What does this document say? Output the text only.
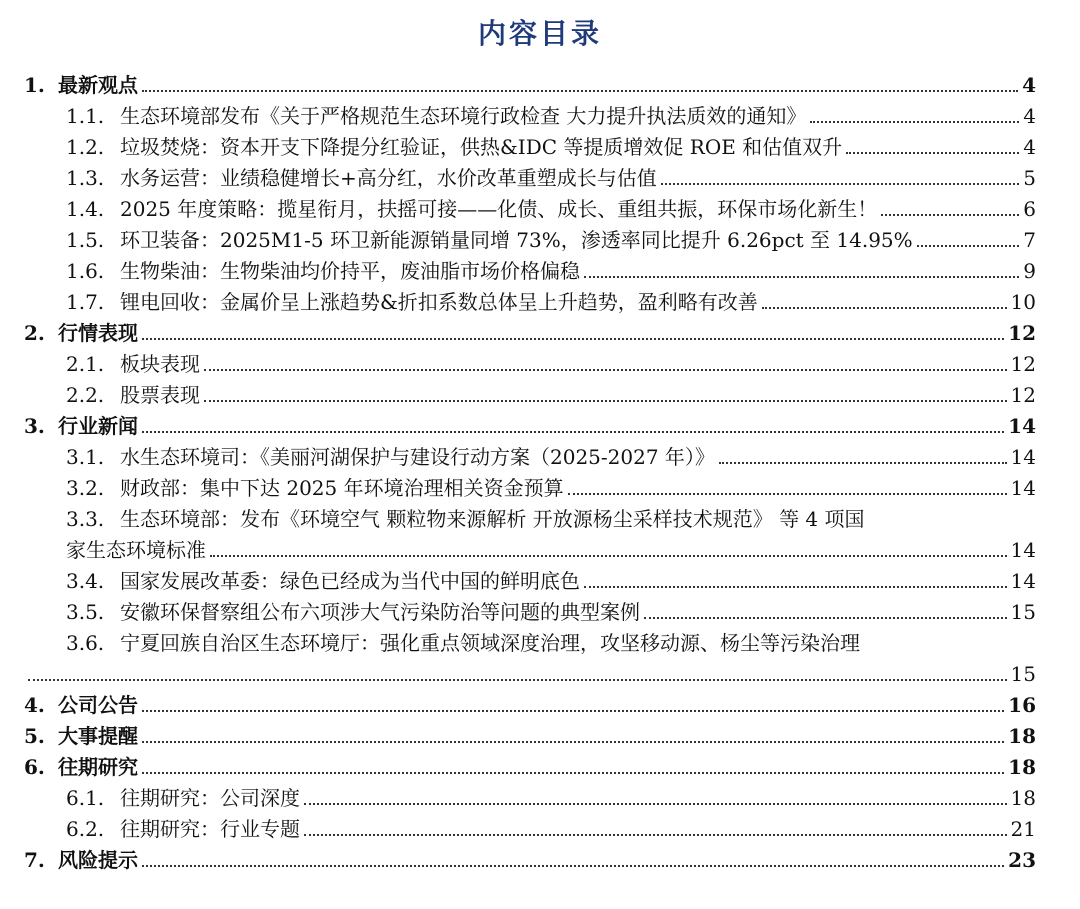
内容目录
1. 最新观点	4
1.1. 生态环境部发布《关于严格规范生态环境行政检查 大力提升执法质效的通知》	4
1.2. 垃圾焚烧：资本开支下降提分红验证，供热&IDC 等提质增效促 ROE 和估值双升	4
1.3. 水务运营：业绩稳健增长+高分红，水价改革重塑成长与估值	5
1.4. 2025 年度策略：揽星衔月，扶摇可接——化债、成长、重组共振，环保市场化新生！	6
1.5. 环卫装备：2025M1-5 环卫新能源销量同增 73%，渗透率同比提升 6.26pct 至 14.95%	7
1.6. 生物柴油：生物柴油均价持平，废油脂市场价格偏稳	9
1.7. 锂电回收：金属价呈上涨趋势&折扣系数总体呈上升趋势，盈利略有改善	10
2. 行情表现	12
2.1. 板块表现	12
2.2. 股票表现	12
3. 行业新闻	14
3.1. 水生态环境司：《美丽河湖保护与建设行动方案（2025-2027 年）》	14
3.2. 财政部：集中下达 2025 年环境治理相关资金预算	14
3.3. 生态环境部：发布《环境空气 颗粒物来源解析 开放源杨尘采样技术规范》 等 4 项国
家生态环境标准	14
3.4. 国家发展改革委：绿色已经成为当代中国的鲜明底色	14
3.5. 安徽环保督察组公布六项涉大气污染防治等问题的典型案例	15
3.6. 宁夏回族自治区生态环境厅：强化重点领域深度治理，攻坚移动源、杨尘等污染治理
15
4. 公司公告	16
5. 大事提醒	18
6. 往期研究	18
6.1. 往期研究：公司深度	18
6.2. 往期研究：行业专题	21
7. 风险提示	23
